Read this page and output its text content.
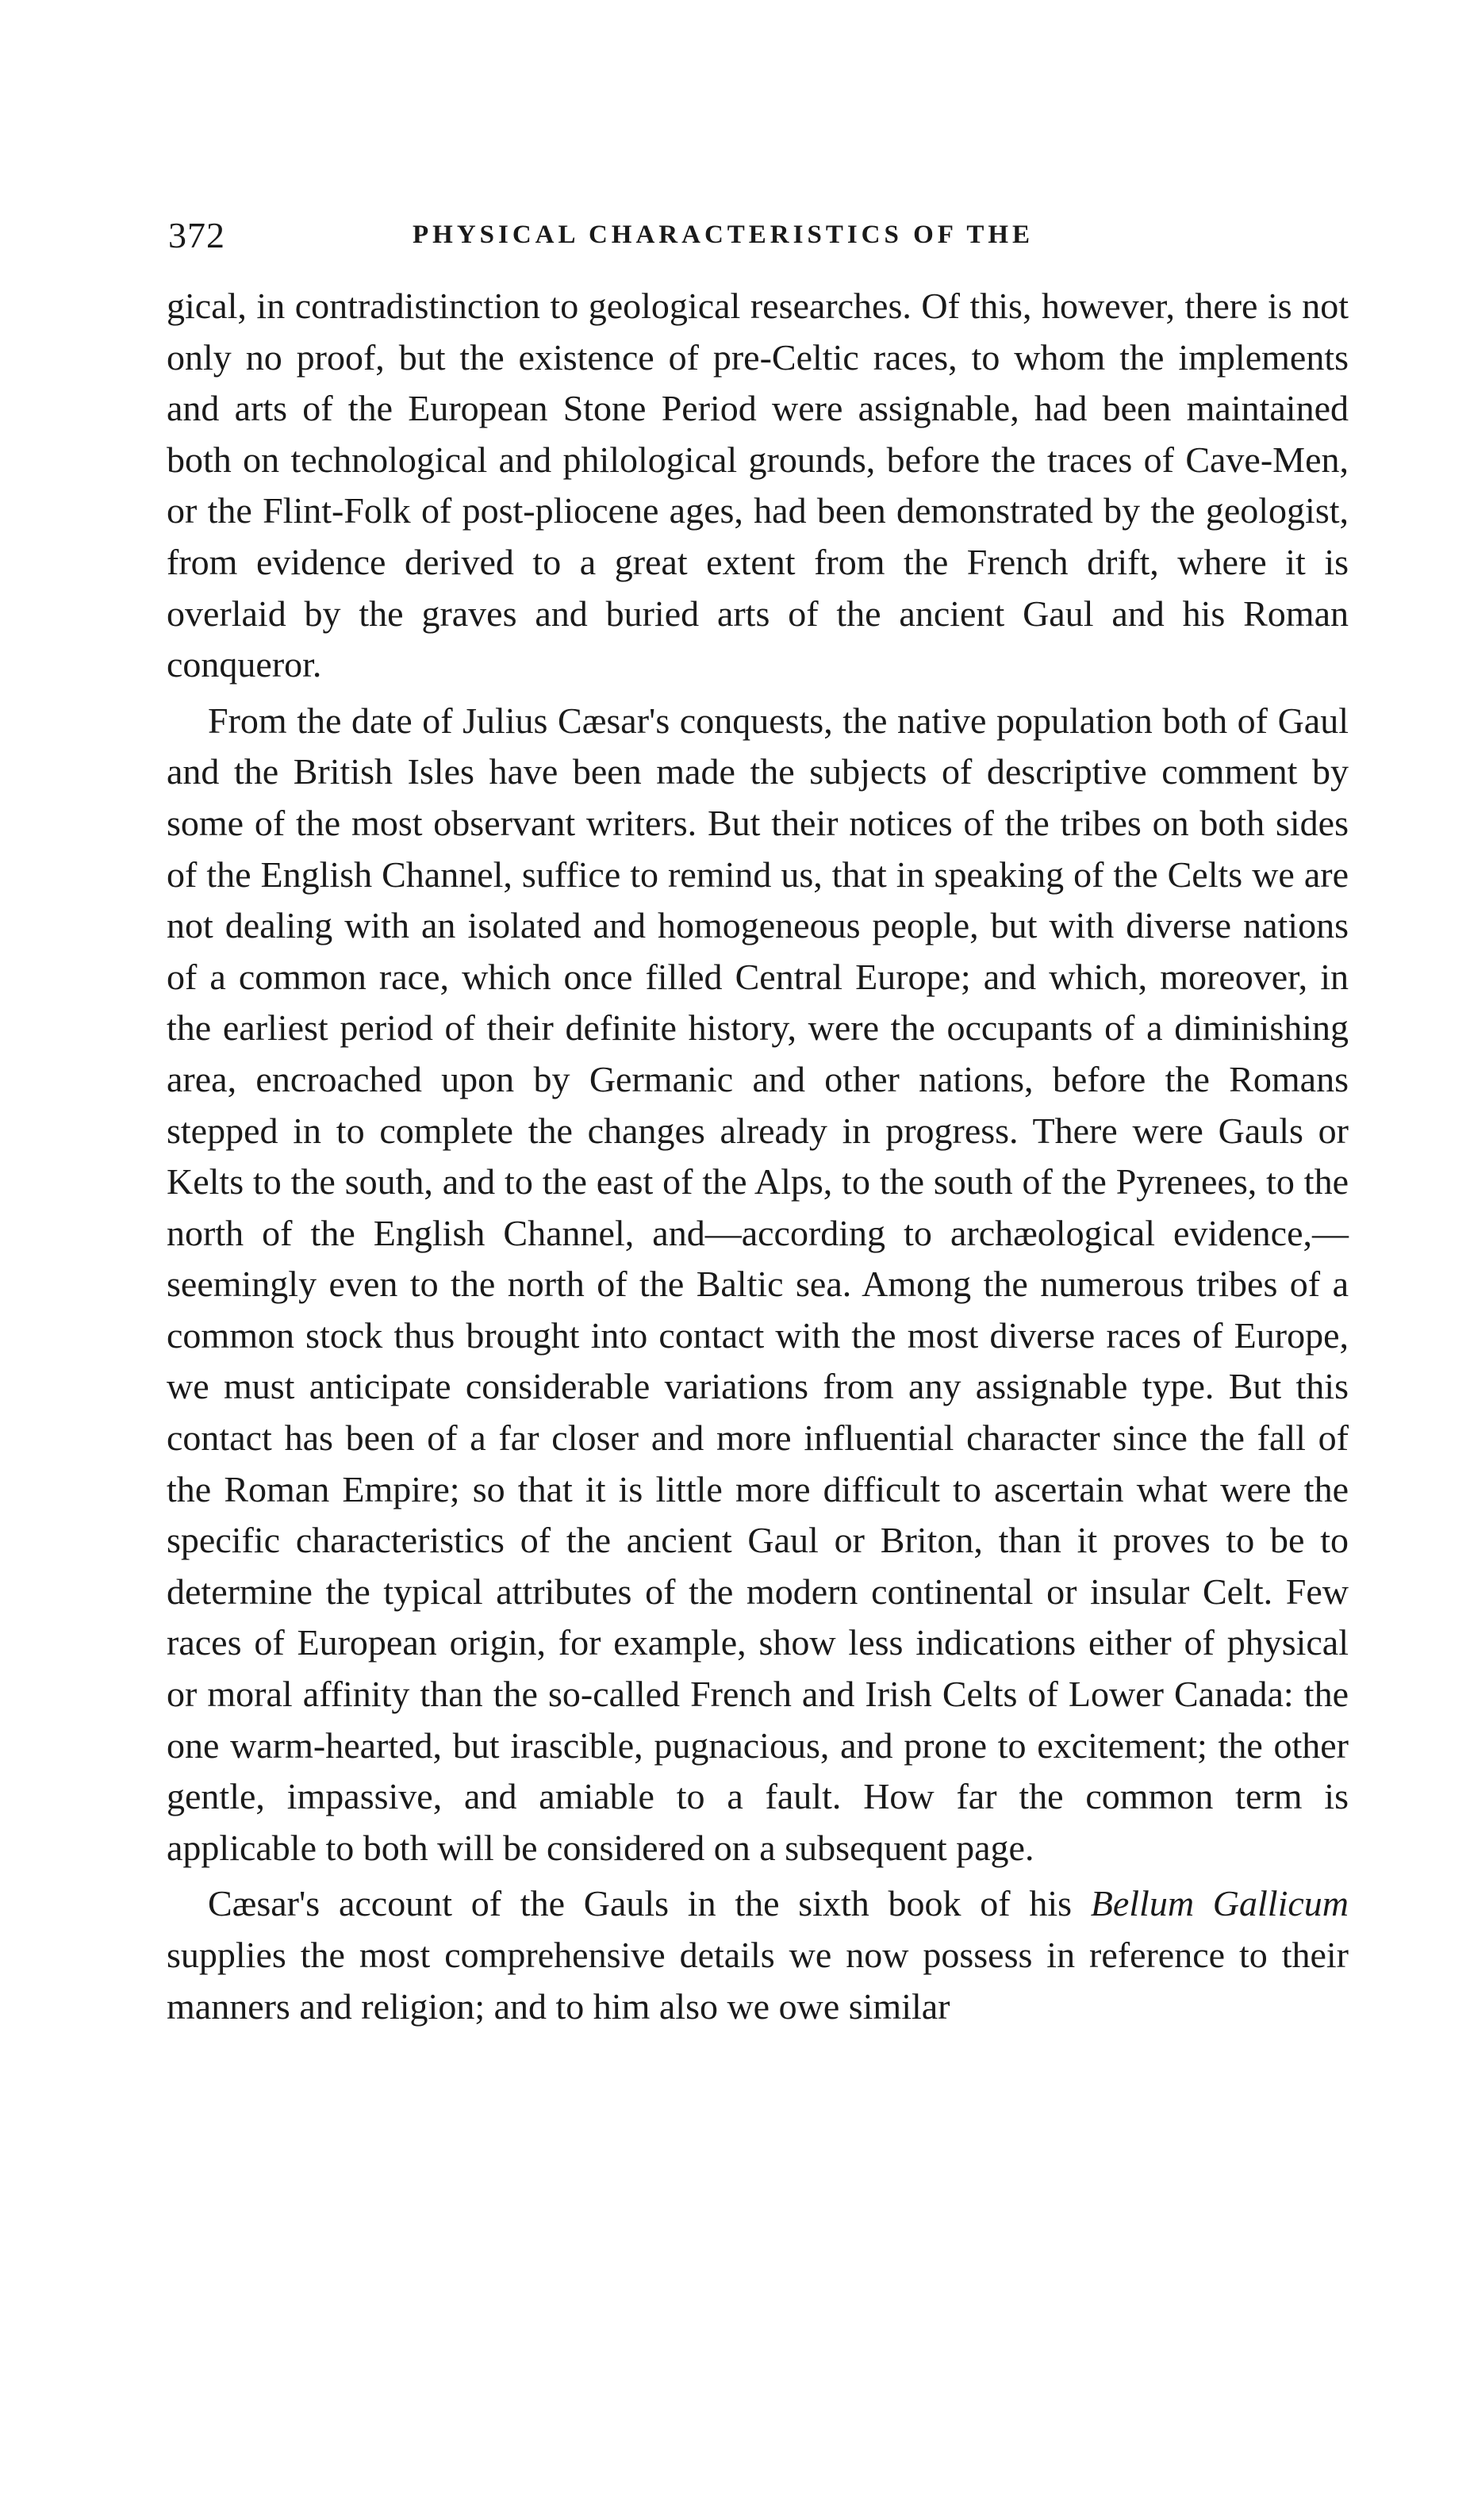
372	PHYSICAL CHARACTERISTICS OF THE

gical, in contradistinction to geological researches. Of this, however, there is not only no proof, but the existence of pre-Celtic races, to whom the implements and arts of the European Stone Period were assignable, had been maintained both on technological and philological grounds, before the traces of Cave-Men, or the Flint-Folk of post-pliocene ages, had been demonstrated by the geologist, from evidence derived to a great extent from the French drift, where it is overlaid by the graves and buried arts of the ancient Gaul and his Roman conqueror.

From the date of Julius Cæsar's conquests, the native population both of Gaul and the British Isles have been made the subjects of descriptive comment by some of the most observant writers. But their notices of the tribes on both sides of the English Channel, suffice to remind us, that in speaking of the Celts we are not dealing with an isolated and homogeneous people, but with diverse nations of a common race, which once filled Central Europe; and which, moreover, in the earliest period of their definite history, were the occupants of a diminishing area, encroached upon by Germanic and other nations, before the Romans stepped in to complete the changes already in progress. There were Gauls or Kelts to the south, and to the east of the Alps, to the south of the Pyrenees, to the north of the English Channel, and—according to archæological evidence,—seemingly even to the north of the Baltic sea. Among the numerous tribes of a common stock thus brought into contact with the most diverse races of Europe, we must anticipate considerable variations from any assignable type. But this contact has been of a far closer and more influential character since the fall of the Roman Empire; so that it is little more difficult to ascertain what were the specific characteristics of the ancient Gaul or Briton, than it proves to be to determine the typical attributes of the modern continental or insular Celt. Few races of European origin, for example, show less indications either of physical or moral affinity than the so-called French and Irish Celts of Lower Canada: the one warm-hearted, but irascible, pugnacious, and prone to excitement; the other gentle, impassive, and amiable to a fault. How far the common term is applicable to both will be considered on a subsequent page.

Cæsar's account of the Gauls in the sixth book of his Bellum Gallicum supplies the most comprehensive details we now possess in reference to their manners and religion; and to him also we owe similar
